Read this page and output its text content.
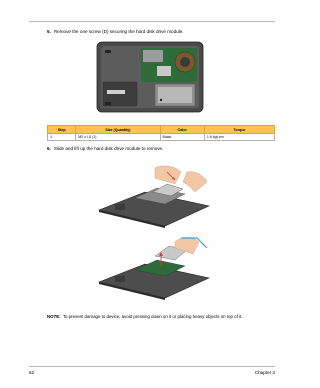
5. Remove the one screw (D) securing the hard disk drive module.
Step	Size (Quantity)	Color	Torque
1	M2 x L5 (1)	Black	1.6 kgf-cm
6. Slide and lift up the hard disk drive module to remove.
NOTE: To prevent damage to device, avoid pressing down on it or placing heavy objects on top of it.
62	Chapter 3
